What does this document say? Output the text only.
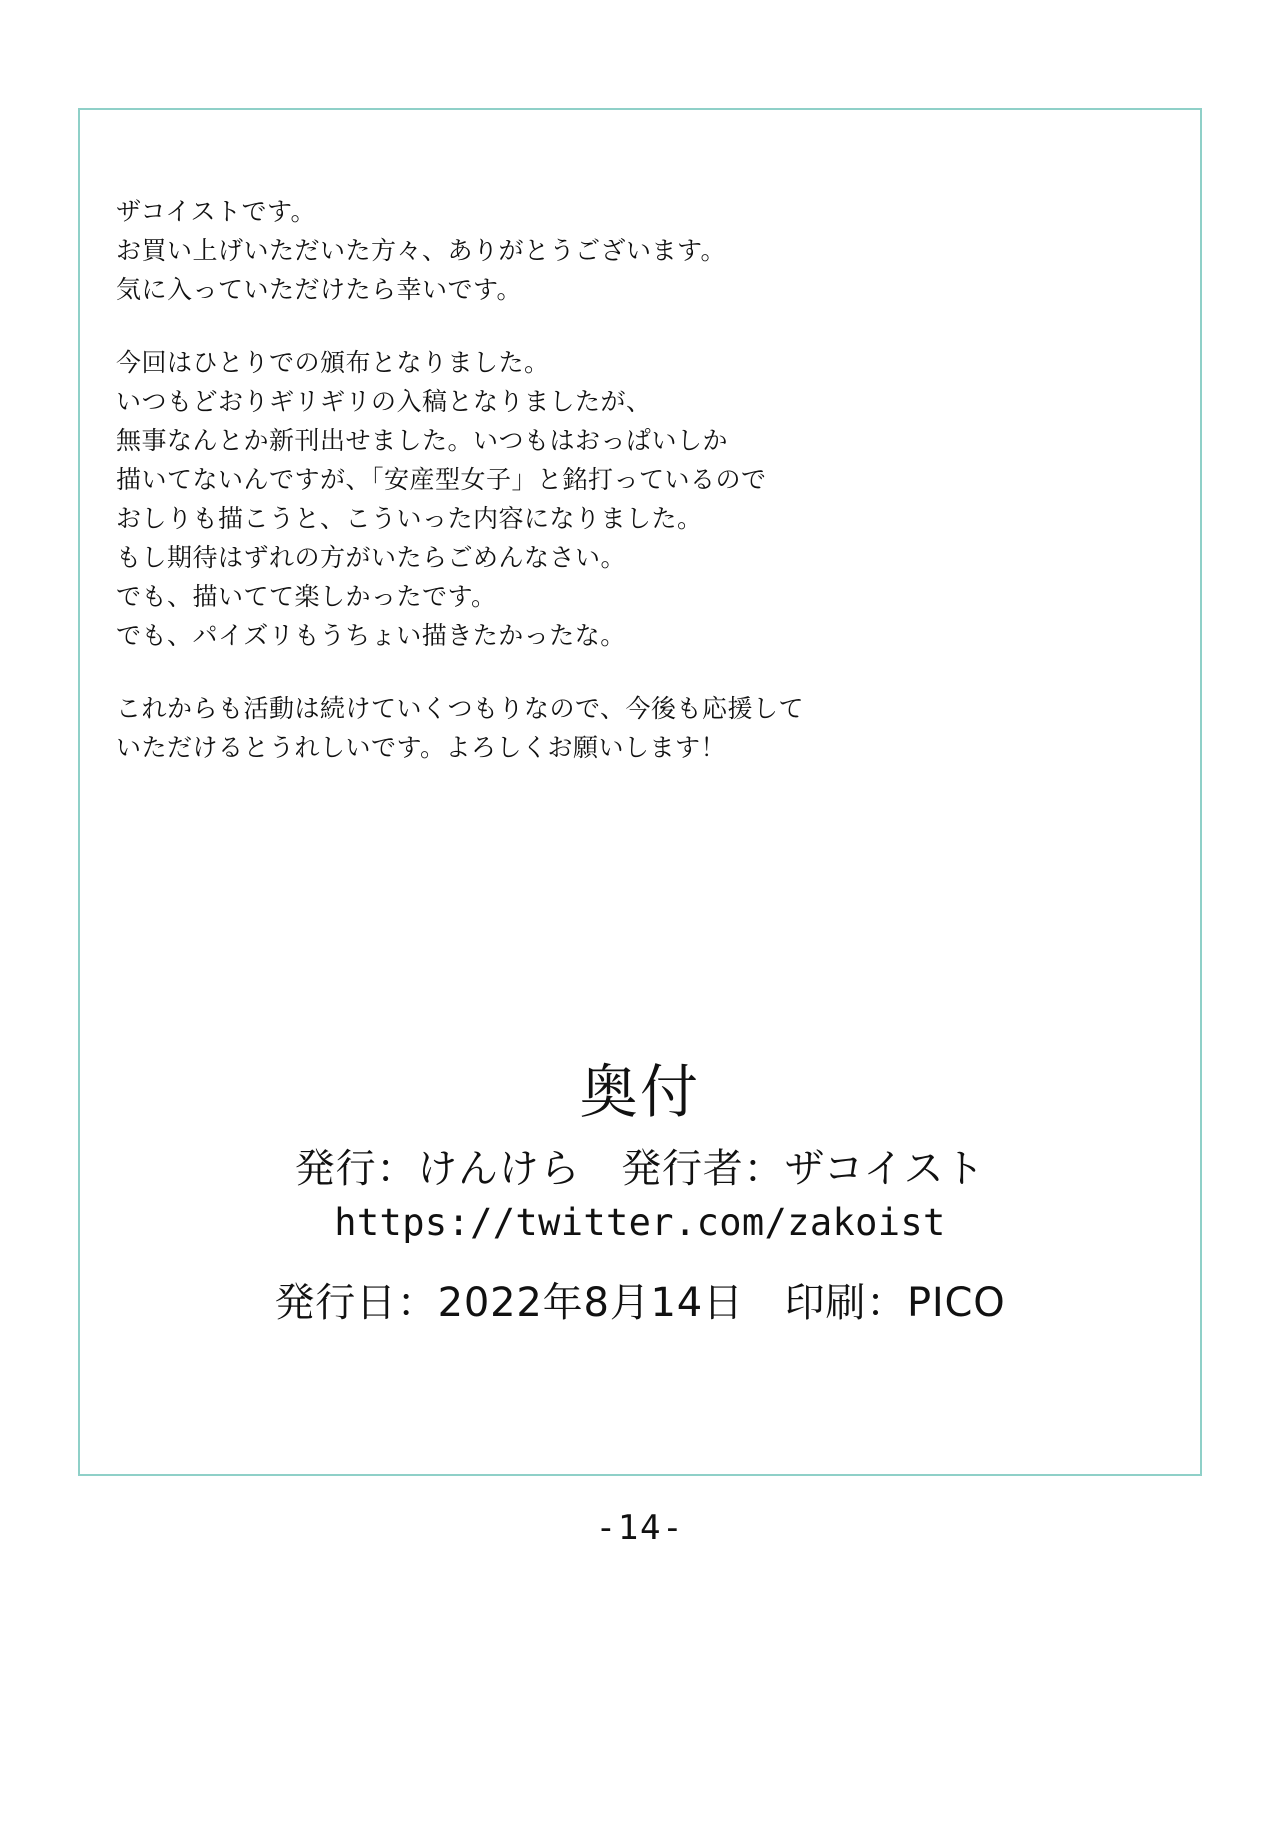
ザコイストです。
お買い上げいただいた方々、ありがとうございます。
気に入っていただけたら幸いです。
今回はひとりでの頒布となりました。
いつもどおりギリギリの入稿となりましたが、
無事なんとか新刊出せました。いつもはおっぱいしか
描いてないんですが、「安産型女子」と銘打っているので
おしりも描こうと、こういった内容になりました。
もし期待はずれの方がいたらごめんなさい。
でも、描いてて楽しかったです。
でも、パイズリもうちょい描きたかったな。
これからも活動は続けていくつもりなので、今後も応援して
いただけるとうれしいです。よろしくお願いします！
奥付
発行：けんけら　発行者：ザコイスト
https://twitter.com/zakoist
発行日：2022年8月14日　印刷：PICO
-14-
